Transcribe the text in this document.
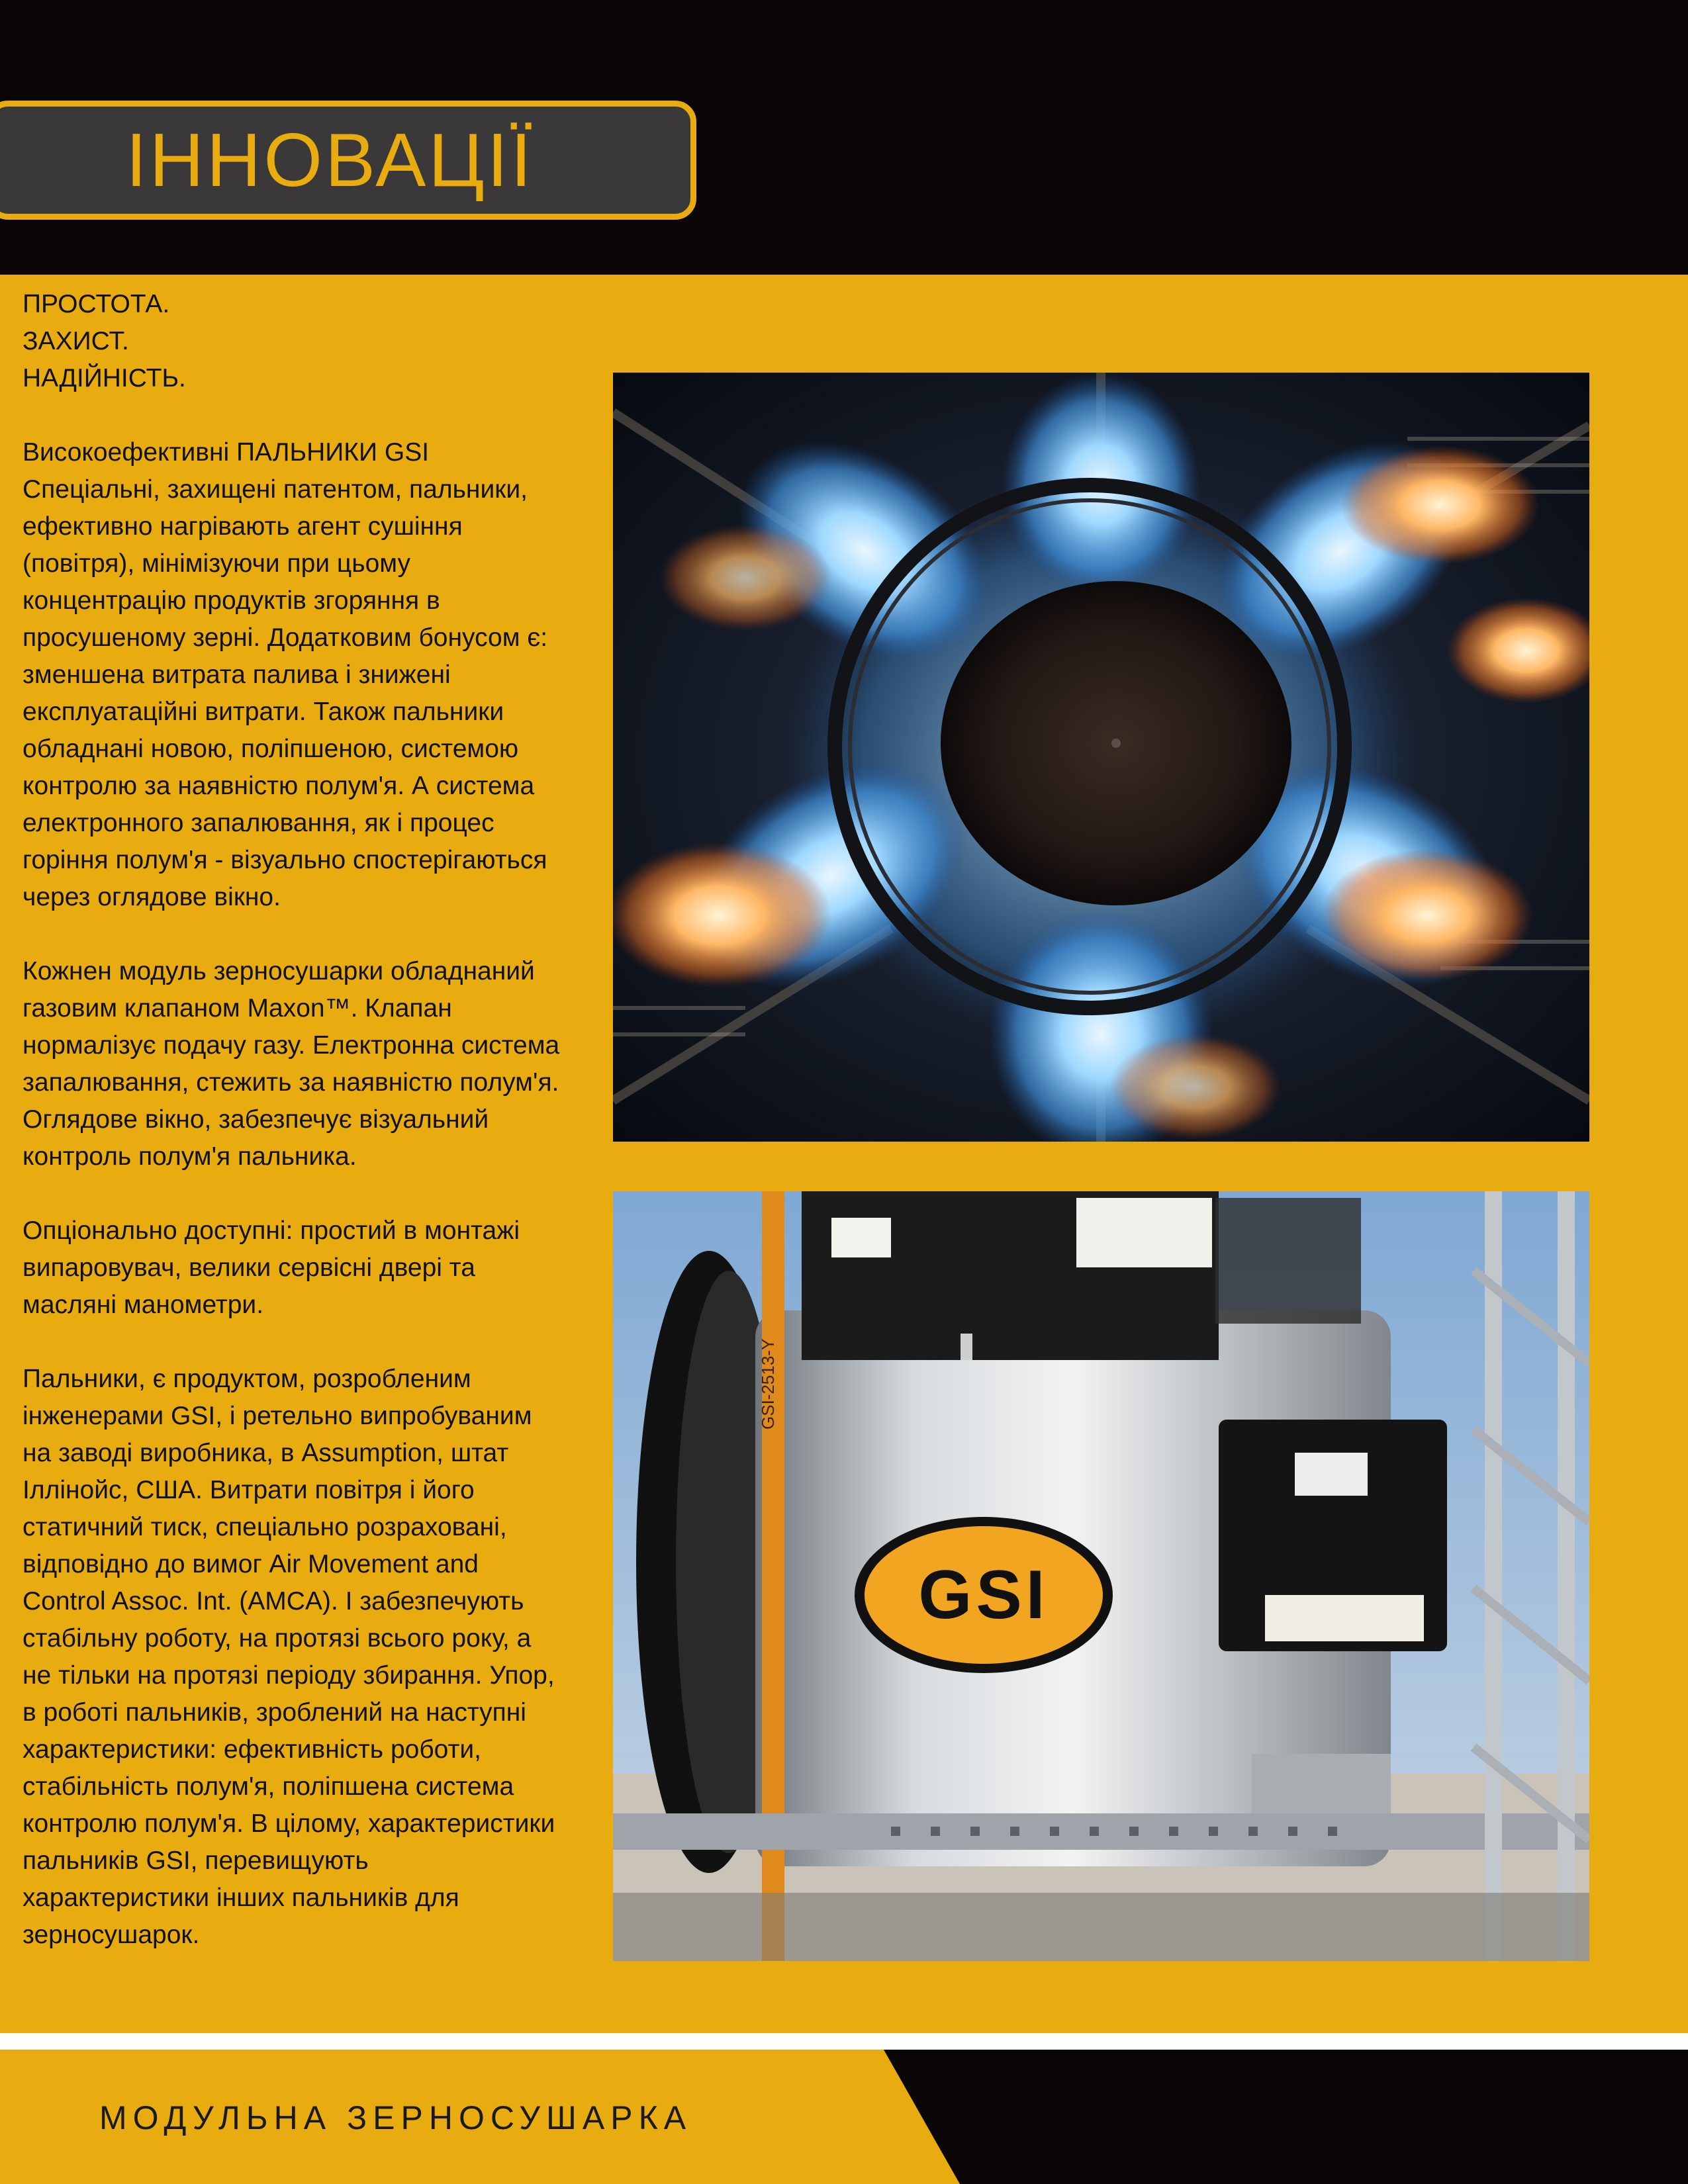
ІННОВАЦІЇ

ПРОСТОТА.
ЗАХИСТ.
НАДІЙНІСТЬ.

Високоефективні ПАЛЬНИКИ GSI
Спеціальні, захищені патентом, пальники,
ефективно нагрівають агент сушіння
(повітря), мінімізуючи при цьому
концентрацію продуктів згоряння в
просушеному зерні. Додатковим бонусом є:
зменшена витрата палива і знижені
експлуатаційні витрати. Також пальники
обладнані новою, поліпшеною, системою
контролю за наявністю полум'я. А система
електронного запалювання, як і процес
горіння полум'я - візуально спостерігаються
через оглядове вікно.

Кожнен модуль зерносушарки обладнаний
газовим клапаном Maxon™. Клапан
нормалізує подачу газу. Електронна система
запалювання, стежить за наявністю полум'я.
Оглядове вікно, забезпечує візуальний
контроль полум'я пальника.

Опціонально доступні: простий в монтажі
випаровувач, велики сервісні двері та
масляні манометри.

Пальники, є продуктом, розробленим
інженерами GSI, і ретельно випробуваним
на заводі виробника, в Assumption, штат
Іллінойс, США. Витрати повітря і його
статичний тиск, спеціально розраховані,
відповідно до вимог Air Movement and
Control Assoc. Int. (AMCA). І забезпечують
стабільну роботу, на протязі всього року, а
не тільки на протязі періоду збирання. Упор,
в роботі пальників, зроблений на наступні
характеристики: ефективність роботи,
стабільність полум'я, поліпшена система
контролю полум'я. В цілому, характеристики
пальників GSI, перевищують
характеристики інших пальників для
зерносушарок.

GSI-2513-Y
GSI
МОДУЛЬНА ЗЕРНОСУШАРКА
